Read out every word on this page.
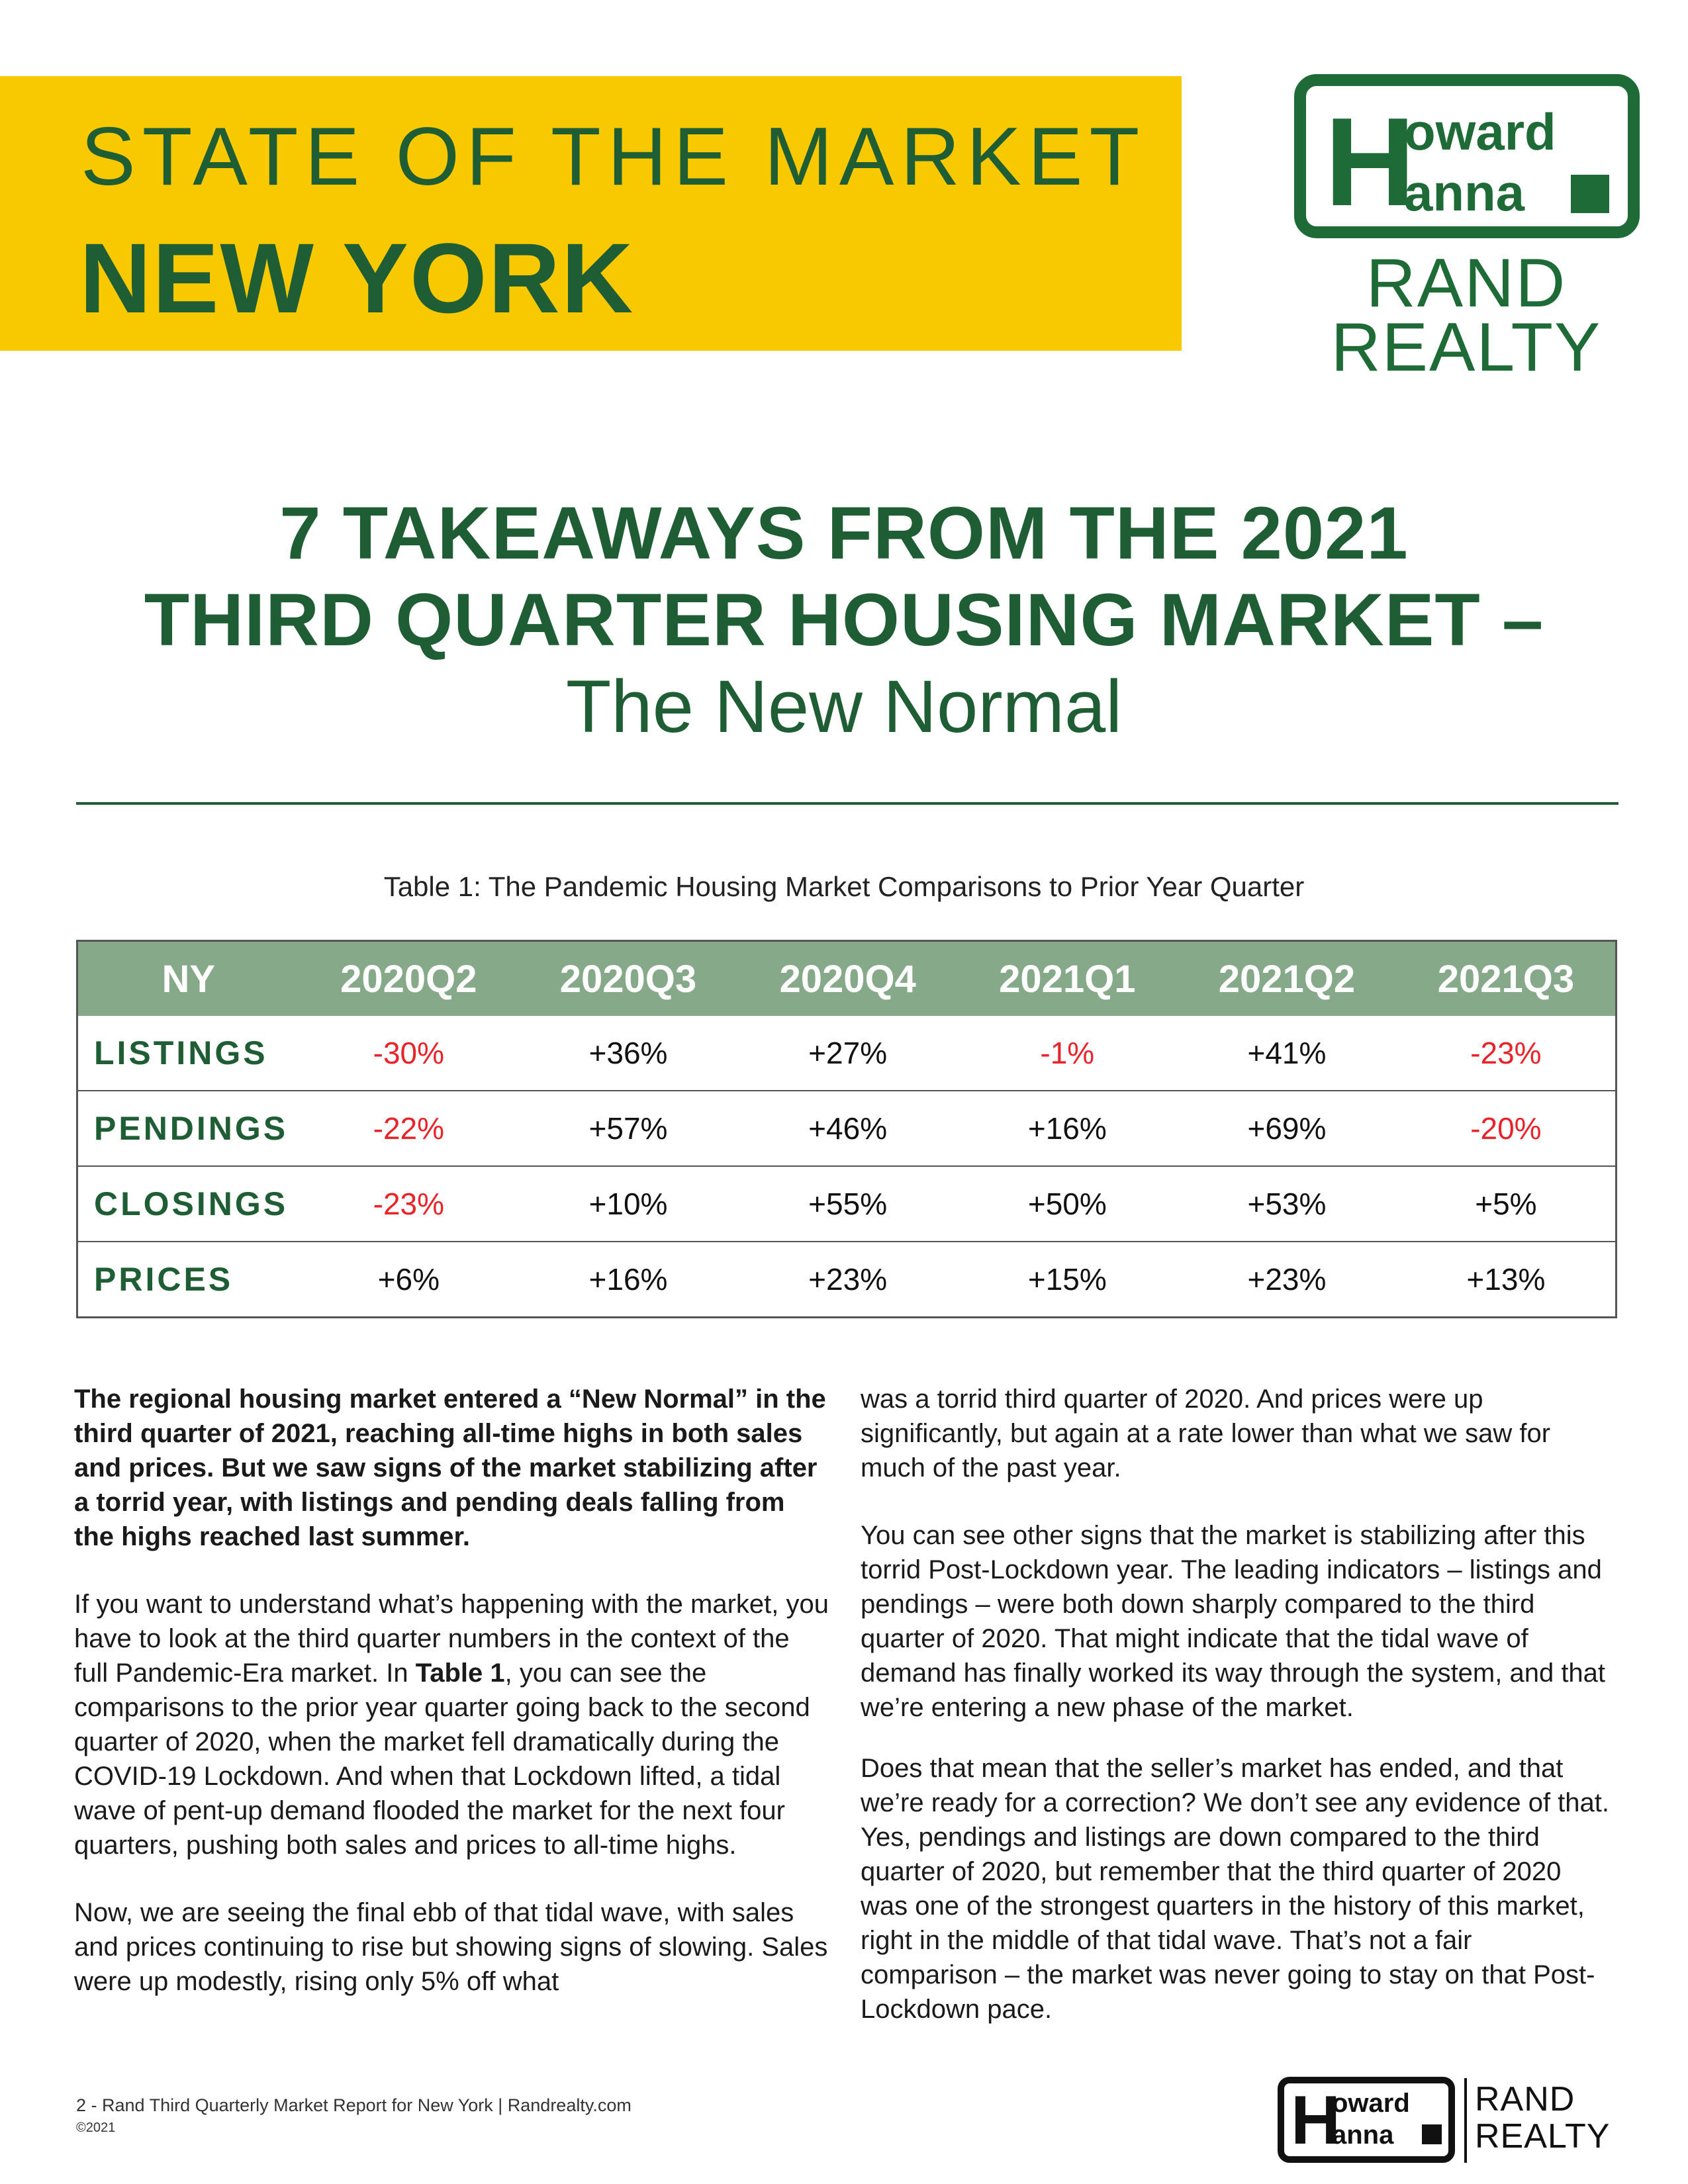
STATE OF THE MARKET
NEW YORK
H
oward
anna
RAND
REALTY
7 TAKEAWAYS FROM THE 2021
THIRD QUARTER HOUSING MARKET –
The New Normal
Table 1: The Pandemic Housing Market Comparisons to Prior Year Quarter
NY	2020Q2	2020Q3	2020Q4	2021Q1	2021Q2	2021Q3
LISTINGS	-30%	+36%	+27%	-1%	+41%	-23%
PENDINGS	-22%	+57%	+46%	+16%	+69%	-20%
CLOSINGS	-23%	+10%	+55%	+50%	+53%	+5%
PRICES	+6%	+16%	+23%	+15%	+23%	+13%

The regional housing market entered a “New Normal” in the third quarter of 2021, reaching all-time highs in both sales and prices. But we saw signs of the market stabilizing after a torrid year, with listings and pending deals falling from the highs reached last summer.

If you want to understand what’s happening with the market, you have to look at the third quarter numbers in the context of the full Pandemic-Era market. In Table 1, you can see the comparisons to the prior year quarter going back to the second quarter of 2020, when the market fell dramatically during the COVID-19 Lockdown. And when that Lockdown lifted, a tidal wave of pent-up demand flooded the market for the next four quarters, pushing both sales and prices to all-time highs.

Now, we are seeing the final ebb of that tidal wave, with sales and prices continuing to rise but showing signs of slowing. Sales were up modestly, rising only 5% off what

was a torrid third quarter of 2020. And prices were up significantly, but again at a rate lower than what we saw for much of the past year.

You can see other signs that the market is stabilizing after this torrid Post-Lockdown year. The leading indicators – listings and pendings – were both down sharply compared to the third quarter of 2020. That might indicate that the tidal wave of demand has finally worked its way through the system, and that we’re entering a new phase of the market.

Does that mean that the seller’s market has ended, and that we’re ready for a correction? We don’t see any evidence of that. Yes, pendings and listings are down compared to the third quarter of 2020, but remember that the third quarter of 2020 was one of the strongest quarters in the history of this market, right in the middle of that tidal wave. That’s not a fair comparison – the market was never going to stay on that Post-Lockdown pace.

2 - Rand Third Quarterly Market Report for New York | Randrealty.com
©2021	H
oward
anna
RAND
REALTY
